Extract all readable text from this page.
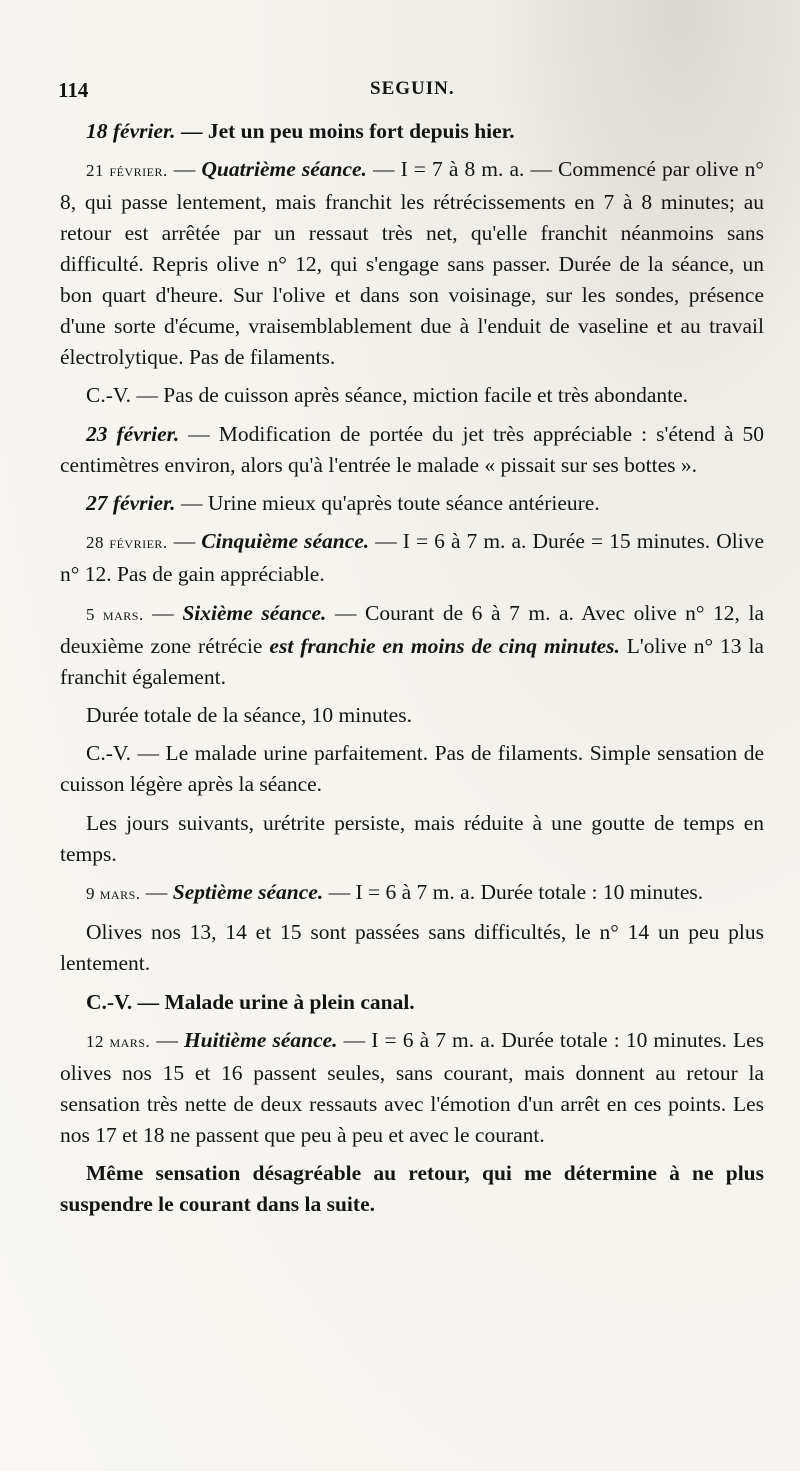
114	SEGUIN.

18 février. — Jet un peu moins fort depuis hier.

21 février. — Quatrième séance. — I = 7 à 8 m. a. — Commencé par olive n° 8, qui passe lentement, mais franchit les rétrécissements en 7 à 8 minutes; au retour est arrêtée par un ressaut très net, qu'elle franchit néanmoins sans difficulté. Repris olive n° 12, qui s'engage sans passer. Durée de la séance, un bon quart d'heure. Sur l'olive et dans son voisinage, sur les sondes, présence d'une sorte d'écume, vraisemblablement due à l'enduit de vaseline et au travail électrolytique. Pas de filaments.

C.-V. — Pas de cuisson après séance, miction facile et très abondante.

23 février. — Modification de portée du jet très appréciable : s'étend à 50 centimètres environ, alors qu'à l'entrée le malade « pissait sur ses bottes ».

27 février. — Urine mieux qu'après toute séance antérieure.

28 février. — Cinquième séance. — I = 6 à 7 m. a. Durée = 15 minutes. Olive n° 12. Pas de gain appréciable.

5 mars. — Sixième séance. — Courant de 6 à 7 m. a. Avec olive n° 12, la deuxième zone rétrécie est franchie en moins de cinq minutes. L'olive n° 13 la franchit également.

Durée totale de la séance, 10 minutes.

C.-V. — Le malade urine parfaitement. Pas de filaments. Simple sensation de cuisson légère après la séance.

Les jours suivants, urétrite persiste, mais réduite à une goutte de temps en temps.

9 mars. — Septième séance. — I = 6 à 7 m. a. Durée totale : 10 minutes.

Olives nos 13, 14 et 15 sont passées sans difficultés, le n° 14 un peu plus lentement.

C.-V. — Malade urine à plein canal.

12 mars. — Huitième séance. — I = 6 à 7 m. a. Durée totale : 10 minutes. Les olives nos 15 et 16 passent seules, sans courant, mais donnent au retour la sensation très nette de deux ressauts avec l'émotion d'un arrêt en ces points. Les nos 17 et 18 ne passent que peu à peu et avec le courant.

Même sensation désagréable au retour, qui me détermine à ne plus suspendre le courant dans la suite.
